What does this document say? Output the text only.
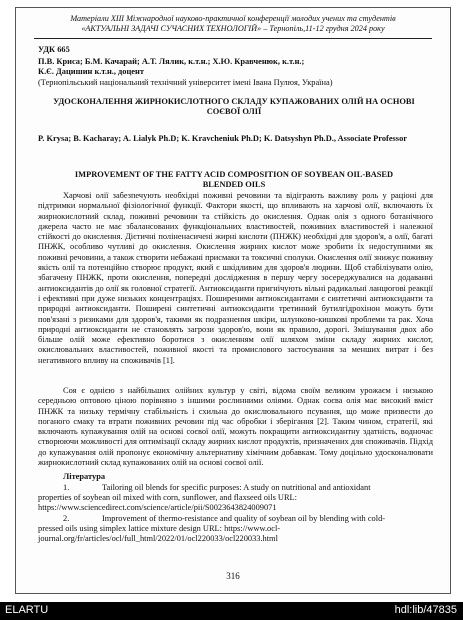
Матеріали XIII Міжнародної науково-практичної конференції молодих учених та студентів
«АКТУАЛЬНІ ЗАДАЧІ СУЧАСНИХ ТЕХНОЛОГІЙ» – Тернопіль,11-12 грудня 2024 року

УДК 665

П.В. Криса; Б.М. Качарай; А.Т. Лялик, к.т.н.; Х.Ю. Кравченюк, к.т.н.;

К.Є. Дацишин к.т.н., доцент

(Тернопільський національний технічний університет імені Івана Пулюя, Україна)

УДОСКОНАЛЕННЯ ЖИРНОКИСЛОТНОГО СКЛАДУ КУПАЖОВАНИХ ОЛІЙ НА ОСНОВІ СОЄВОЇ ОЛІЇ

P. Krysa; B. Kacharay; A. Lialyk Ph.D; K. Kravcheniuk Ph.D; K. Datsyshyn Ph.D., Associate Professor

IMPROVEMENT OF THE FATTY ACID COMPOSITION OF SOYBEAN OIL-BASED BLENDED OILS

Харчові олії забезпечують необхідні поживні речовини та відіграють важливу роль у раціоні для підтримки нормальної фізіологічної функції. Фактори якості, що впливають на харчові олії, включають їх жирнокислотний склад, поживні речовини та стійкість до окислення. Однак олія з одного ботанічного джерела часто не має збалансованих функціональних властивостей, поживних властивостей і належної стійкості до окислення. Дієтичні поліненасичені жирні кислоти (ПНЖК) необхідні для здоров'я, а олії, багаті ПНЖК, особливо чутливі до окислення. Окислення жирних кислот може зробити їх недоступними як поживні речовини, а також створити небажані присмаки та токсичні сполуки. Окислення олії знижує поживну якість олії та потенційно створює продукт, який є шкідливим для здоров'я людини. Щоб стабілізувати олію, збагачену ПНЖК, проти окислення, попередні дослідження в першу чергу зосереджувалися на додаванні антиоксидантів до олії як головної стратегії. Антиоксиданти пригнічують вільні радикальні ланцюгові реакції і ефективні при дуже низьких концентраціях. Поширеними антиоксидантами є синтетичні антиоксиданти та природні антиоксиданти. Поширені синтетичні антиоксиданти третинний бутилгідрохінон можуть бути пов'язані з ризиками для здоров'я, такими як подразнення шкіри, шлунково-кишкові проблеми та рак. Хоча природні антиоксиданти не становлять загрози здоров'ю, вони як правило, дорогі. Змішування двох або більше олій може ефективно боротися з окисленням олії шляхом зміни складу жирних кислот, окислювальних властивостей, поживної якості та промислового застосування за менших витрат і без негативного впливу на споживачів [1].

Соя є однією з найбільших олійних культур у світі, відома своїм великим урожаєм і низькою середньою оптовою ціною порівняно з іншими рослинними оліями. Однак соєва олія має високий вміст ПНЖК та низьку термічну стабільність і схильна до окислювального псування, що може призвести до поганого смаку та втрати поживних речовин під час обробки і зберігання [2]. Таким чином, стратегії, які включають купажування олій на основі соєвої олії, можуть покращити антиоксидантну здатність, водночас створюючи можливості для оптимізації складу жирних кислот продуктів, призначених для споживачів. Підхід до купажування олій пропонує економічну альтернативу хімічним добавкам. Тому доцільно удосконалювати жирнокислотний склад купажованих олій на основі соєвої олії.

Література

1.	Tailoring oil blends for specific purposes: A study on nutritional and antioxidant
properties of soybean oil mixed with corn, sunflower, and flaxseed oils URL:
https://www.sciencedirect.com/science/article/pii/S0023643824009071
2.	Improvement of thermo-resistance and quality of soybean oil by blending with cold-
pressed oils using simplex lattice mixture design URL: https://www.ocl-
journal.org/fr/articles/ocl/full_html/2022/01/ocl220033/ocl220033.html
316
ELARTU	hdl:lib/47835
